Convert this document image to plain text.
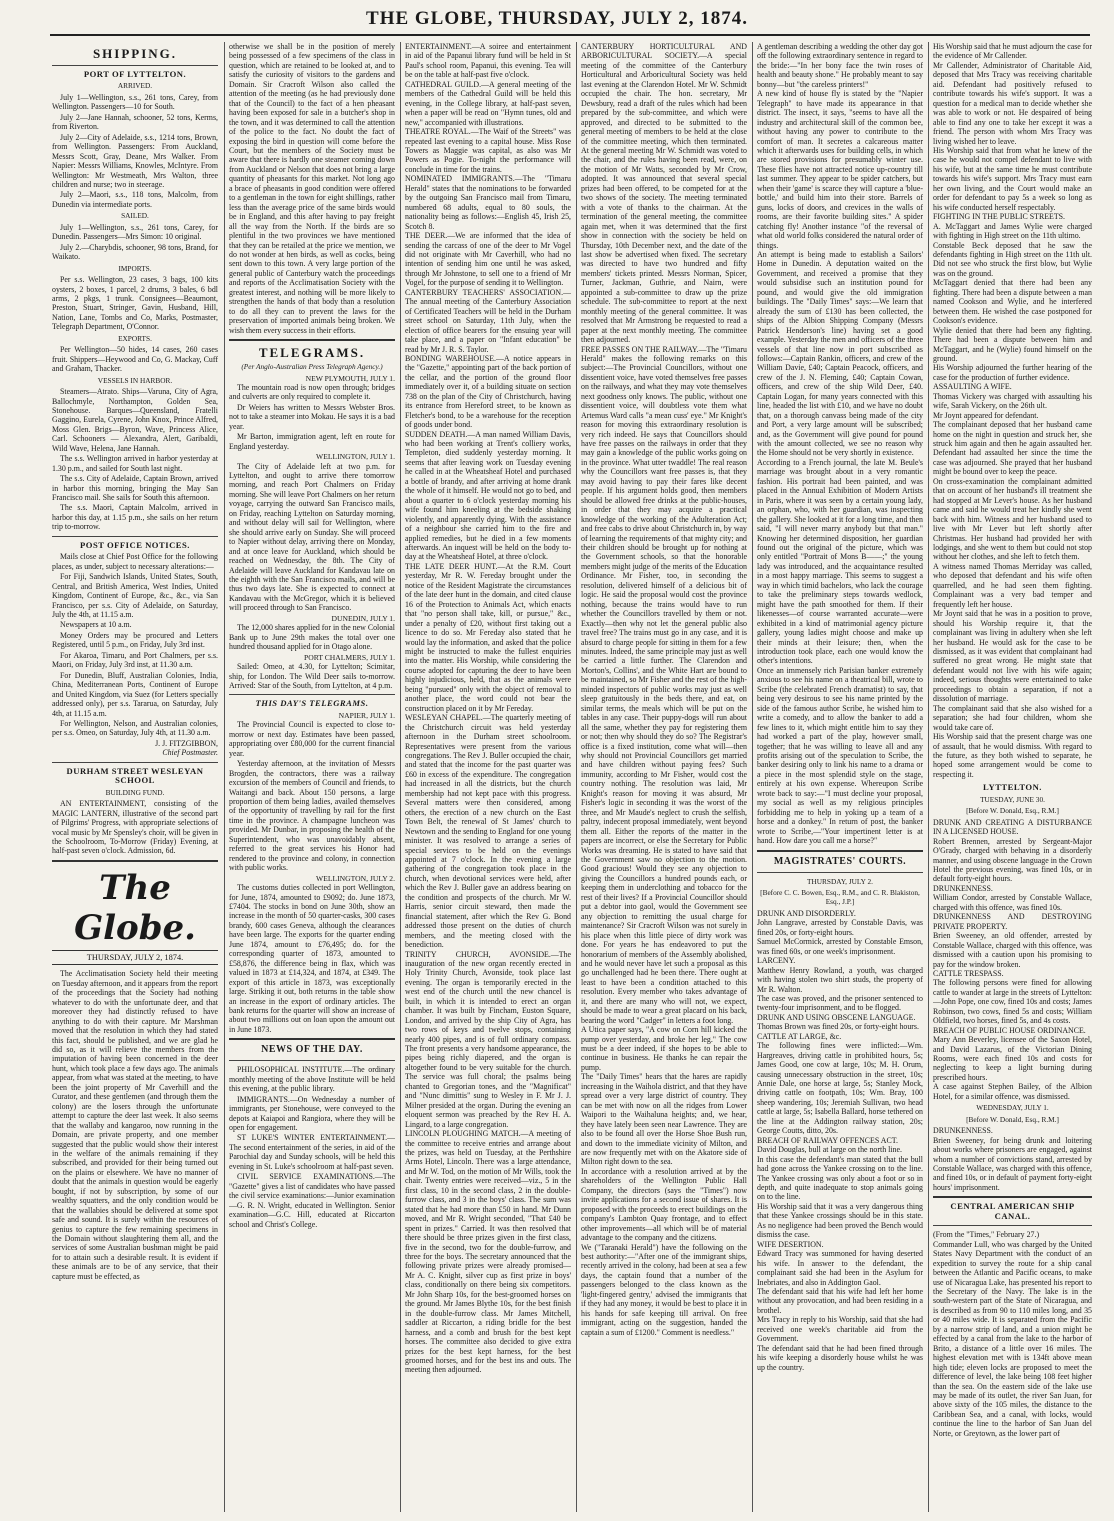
THE GLOBE, THURSDAY, JULY 2, 1874.
SHIPPING.
PORT OF LYTTELTON.
ARRIVED.

July 1—Wellington, s.s., 261 tons, Carey, from Wellington. Passengers—10 for South.

July 2—Jane Hannah, schooner, 52 tons, Kerms, from Riverton.

July 2—City of Adelaide, s.s., 1214 tons, Brown, from Wellington. Passengers: From Auckland, Messrs Scott, Gray, Deane, Mrs Walker. From Napier: Messrs Williams, Knowles, McIntyre. From Wellington: Mr Westmeath, Mrs Walton, three children and nurse; two in steerage.

July 2—Maori, s.s., 118 tons, Malcolm, from Dunedin via intermediate ports.

SAILED.

July 1—Wellington, s.s., 261 tons, Carey, for Dunedin. Passengers—Mrs Simon: 10 original.

July 2.—Charybdis, schooner, 98 tons, Brand, for Waikato.

IMPORTS.

Per s.s. Wellington, 23 cases, 3 bags, 100 kits oysters, 2 boxes, 1 parcel, 2 drums, 3 bales, 6 bdl arms, 2 pkgs, 1 trunk. Consignees—Beaumont, Preston, Stuart, Stringer, Gavin, Husband, Hill, Nation, Lane, Tombs and Co, Marks, Postmaster, Telegraph Department, O'Connor.

EXPORTS.

Per Wellington—50 hides, 14 cases, 260 cases fruit. Shippers—Heywood and Co, G. Mackay, Cuff and Graham, Thacker.

VESSELS IN HARBOR.

Steamers—Atrato. Ships—Varuna, City of Agra, Ballochmyle, Northampton, Golden Sea, Stonehouse. Barques—Queensland, Fratelli Gaggino, Eurela, Cyrene, John Knox, Prince Alfred, Moss Glen. Brigs—Byron, Wave, Princess Alice, Carl. Schooners — Alexandra, Alert, Garibaldi, Wild Wave, Helena, Jane Hannah.

The s.s. Wellington arrived in harbor yesterday at 1.30 p.m., and sailed for South last night.

The s.s. City of Adelaide, Captain Brown, arrived in harbor this morning, bringing the May San Francisco mail. She sails for South this afternoon.

The s.s. Maori, Captain Malcolm, arrived in harbor this day, at 1.15 p.m., she sails on her return trip to-morrow.

POST OFFICE NOTICES.

Mails close at Chief Post Office for the following places, as under, subject to necessary alterations:—

For Fiji, Sandwich Islands, United States, South, Central, and British America, West Indies, United Kingdom, Continent of Europe, &c., &c., via San Francisco, per s.s. City of Adelaide, on Saturday, July the 4th, at 11.15 a.m.

Newspapers at 10 a.m.

Money Orders may be procured and Letters Registered, until 5 p.m., on Friday, July 3rd inst.

For Akaroa, Timaru, and Port Chalmers, per s.s. Maori, on Friday, July 3rd inst, at 11.30 a.m.

For Dunedin, Bluff, Australian Colonies, India, China, Mediterranean Ports, Continent of Europe and United Kingdom, via Suez (for Letters specially addressed only), per s.s. Tararua, on Saturday, July 4th, at 11.15 a.m.

For Wellington, Nelson, and Australian colonies, per s.s. Omeo, on Saturday, July 4th, at 11.30 a.m.

J. J. FITZGIBBON,
Chief Postmaster.
DURHAM STREET WESLEYAN SCHOOL
BUILDING FUND.

AN ENTERTAINMENT, consisting of the MAGIC LANTERN, illustrative of the second part of Pilgrims' Progress, with appropriate selections of vocal music by Mr Spensley's choir, will be given in the Schoolroom, To-Morrow (Friday) Evening, at half-past seven o'clock. Admission, 6d.

The Globe.
THURSDAY, JULY 2, 1874.

The Acclimatisation Society held their meeting on Tuesday afternoon, and it appears from the report of the proceedings that the Society had nothing whatever to do with the unfortunate deer, and that moreover they had distinctly refused to have anything to do with their capture. Mr Marshman moved that the resolution in which they had stated this fact, should be published, and we are glad he did so, as it will relieve the members from the imputation of having been concerned in the deer hunt, which took place a few days ago. The animals appear, from what was stated at the meeting, to have been the joint property of Mr Caverhill and the Curator, and these gentlemen (and through them the colony) are the losers through the unfortunate attempt to capture the deer last week. It also seems that the wallaby and kangaroo, now running in the Domain, are private property, and one member suggested that the public would show their interest in the welfare of the animals remaining if they subscribed, and provided for their being turned out on the plains or elsewhere. We have no manner of doubt that the animals in question would be eagerly bought, if not by subscription, by some of our wealthy squatters, and the only condition would be that the wallabies should be delivered at some spot safe and sound. It is surely within the resources of genius to capture the few remaining specimens in the Domain without slaughtering them all, and the services of some Australian bushman might be paid for to attain such a desirable result. It is evident if these animals are to be of any service, that their capture must be effected, as

otherwise we shall be in the position of merely being possessed of a few specimens of the class in question, which are retained to be looked at, and to satisfy the curiosity of visitors to the gardens and Domain. Sir Cracroft Wilson also called the attention of the meeting (as he had previously done that of the Council) to the fact of a hen pheasant having been exposed for sale in a butcher's shop in the town, and it was determined to call the attention of the police to the fact. No doubt the fact of exposing the bird in question will come before the Court, but the members of the Society must be aware that there is hardly one steamer coming down from Auckland or Nelson that does not bring a large quantity of pheasants for this market. Not long ago a brace of pheasants in good condition were offered to a gentleman in the town for eight shillings, rather less than the average price of the same birds would be in England, and this after having to pay freight all the way from the North. If the birds are so plentiful in the two provinces we have mentioned that they can be retailed at the price we mention, we do not wonder at hen birds, as well as cocks, being sent down to this town. A very large portion of the general public of Canterbury watch the proceedings and reports of the Acclimatisation Society with the greatest interest, and nothing will be more likely to strengthen the hands of that body than a resolution to do all they can to prevent the laws for the preservation of imported animals being broken. We wish them every success in their efforts.

TELEGRAMS.
(Per Anglo-Australian Press Telegraph Agency.)
NEW PLYMOUTH, JULY 1.

The mountain road is now open through; bridges and culverts are only required to complete it.

Dr Weiers has written to Messrs Webster Bros. not to take a steamer into Mokau. He says it is a bad year.

Mr Barton, immigration agent, left en route for England yesterday.

WELLINGTON, JULY 1.

The City of Adelaide left at two p.m. for Lyttelton, and ought to arrive there tomorrow morning, and reach Port Chalmers on Friday morning. She will leave Port Chalmers on her return voyage, carrying the outward San Francisco mails, on Friday, reaching Lyttelton on Saturday morning, and without delay will sail for Wellington, where she should arrive early on Sunday. She will proceed to Napier without delay, arriving there on Monday, and at once leave for Auckland, which should be reached on Wednesday, the 8th. The City of Adelaide will leave Auckland for Kandavau late on the eighth with the San Francisco mails, and will be thus two days late. She is expected to connect at Kandavau with the McGregor, which it is believed will proceed through to San Francisco.

DUNEDIN, JULY 1.

The 12,000 shares applied for in the new Colonial Bank up to June 29th makes the total over one hundred thousand applied for in Otago alone.

PORT CHALMERS, JULY 1.

Sailed: Omeo, at 4.30, for Lyttelton; Scimitar, ship, for London. The Wild Deer sails to-morrow. Arrived: Star of the South, from Lyttelton, at 4 p.m.

THIS DAY'S TELEGRAMS.
NAPIER, JULY 1.

The Provincial Council is expected to close to-morrow or next day. Estimates have been passed, appropriating over £80,000 for the current financial year.

Yesterday afternoon, at the invitation of Messrs Brogden, the contractors, there was a railway excursion of the members of Council and friends, to Waitangi and back. About 150 persons, a large proportion of them being ladies, availed themselves of the opportunity of travelling by rail for the first time in the province. A champagne luncheon was provided. Mr Dunbar, in proposing the health of the Superintendent, who was unavoidably absent, referred to the great services his Honor had rendered to the province and colony, in connection with public works.

WELLINGTON, JULY 2.

The customs duties collected in port Wellington, for June, 1874, amounted to £9092; do. June 1873, £7404. The stocks in bond on June 30th, show an increase in the month of 50 quarter-casks, 300 cases brandy, 600 cases Geneva, although the clearances have been large. The exports for the quarter ending June 1874, amount to £76,495; do. for the corresponding quarter of 1873, amounted to £58,876, the difference being in flax, which was valued in 1873 at £14,324, and 1874, at £349. The export of this article in 1873, was exceptionally large. Striking it out, both returns in the table show an increase in the export of ordinary articles. The bank returns for the quarter will show an increase of about two millions out on loan upon the amount out in June 1873.

NEWS OF THE DAY.

PHILOSOPHICAL INSTITUTE.—The ordinary monthly meeting of the above Institute will be held this evening, at the public library.

IMMIGRANTS.—On Wednesday a number of immigrants, per Stonehouse, were conveyed to the depots at Kaiapoi and Rangiora, where they will be open for engagement.

ST LUKE'S WINTER ENTERTAINMENT.—The second entertainment of the series, in aid of the Parochial day and Sunday schools, will be held this evening in St. Luke's schoolroom at half-past seven.

CIVIL SERVICE EXAMINATIONS.—The "Gazette" gives a list of candidates who have passed the civil service examinations:—Junior examination—G. R. N. Wright, educated in Wellington. Senior examination—G.C. Hill, educated at Riccarton school and Christ's College.

ENTERTAINMENT.—A soiree and entertainment in aid of the Papanui library fund will be held in St Paul's school room, Papanui, this evening. Tea will be on the table at half-past five o'clock.
CATHEDRAL GUILD.—A general meeting of the members of the Cathedral Guild will be held this evening, in the College library, at half-past seven, when a paper will be read on "Hymn tunes, old and new," accompanied with illustrations.
THEATRE ROYAL.—The Waif of the Streets" was repeated last evening to a capital house. Miss Rose Towers as Maggie was capital, as also was Mr Powers as Pogie. To-night the performance will conclude in time for the trains.
NOMINATED IMMIGRANTS.—The "Timaru Herald" states that the nominations to be forwarded by the outgoing San Francisco mail from Timaru, numbered 68 adults, equal to 80 souls, the nationality being as follows:—English 45, Irish 25, Scotch 8.
THE DEER.—We are informed that the idea of sending the carcass of one of the deer to Mr Vogel did not originate with Mr Caverhill, who had no intention of sending him one until he was asked, through Mr Johnstone, to sell one to a friend of Mr Vogel, for the purpose of sending it to Wellington.
CANTERBURY TEACHERS' ASSOCIATION.—The annual meeting of the Canterbury Association of Certificated Teachers will be held in the Durham street school on Saturday, 11th July, when the election of office bearers for the ensuing year will take place, and a paper on "Infant education" be read by Mr J. R. S. Taylor.
BONDING WAREHOUSE.—A notice appears in the "Gazette," appointing part of the back portion of the cellar, and the portion of the ground floor immediately over it, of a building situate on section 738 on the plan of the City of Christchurch, having its entrance from Hereford street, to be known as Fletcher's bond, to be a warehouse for the reception of goods under bond.
SUDDEN DEATH.—A man named William Davis, who had been working at Trent's colliery works, Templeton, died suddenly yesterday morning. It seems that after leaving work on Tuesday evening he called in at the Wheatsheaf Hotel and purchased a bottle of brandy, and after arriving at home drank the whole of it himself. He would not go to bed, and about a quarter to 6 o'clock yesterday morning his wife found him kneeling at the bedside shaking violently, and apparently dying. With the assistance of a neighbour she carried him to the fire and applied remedies, but he died in a few moments afterwards. An inquest will be held on the body to-day at the Wheatsheaf Hotel, at three o'clock.
THE LATE DEER HUNT.—At the R.M. Court yesterday, Mr R. W. Fereday brought under the notice of the Resident Magistrate the circumstances of the late deer hunt in the domain, and cited clause 16 of the Protection to Animals Act, which enacts that "no person shall take, kill, or pursue," &c., under a penalty of £20, without first taking out a licence to do so. Mr Fereday also stated that he would lay the information, and asked that the police might be instructed to make the fullest enquiries into the matter. His Worship, while considering the course adopted for capturing the deer to have been highly injudicious, held, that as the animals were being "pursued" only with the object of removal to another place, the word could not bear the construction placed on it by Mr Fereday.
WESLEYAN CHAPEL.—The quarterly meeting of the Christchurch circuit was held yesterday afternoon in the Durham street schoolroom. Representatives were present from the various congregations. The Rev J. Buller occupied the chair, and stated that the income for the past quarter was £60 in excess of the expenditure. The congregation had increased in all the districts, but the church membership had not kept pace with this progress. Several matters were then considered, among others, the erection of a new church on the East Town Belt, the renewal of St James' church to Newtown and the sending to England for one young minister. It was resolved to arrange a series of special services to be held on the evenings appointed at 7 o'clock. In the evening a large gathering of the congregation took place in the church, when devotional services were held, after which the Rev J. Buller gave an address bearing on the condition and prospects of the church. Mr W. Harris, senior circuit steward, then made the financial statement, after which the Rev G. Bond addressed those present on the duties of church members, and the meeting closed with the benediction.
TRINITY CHURCH, AVONSIDE.—The inauguration of the new organ recently erected in Holy Trinity Church, Avonside, took place last evening. The organ is temporarily erected in the west end of the church until the new chancel is built, in which it is intended to erect an organ chamber. It was built by Fincham, Euston Square, London, and arrived by the ship City of Agra, has two rows of keys and twelve stops, containing nearly 400 pipes, and is of full ordinary compass. The front presents a very handsome appearance, the pipes being richly diapered, and the organ is altogether found to be very suitable for the church. The service was full choral; the psalms being chanted to Gregorian tones, and the "Magnificat" and "Nunc dimittis" sung to Wesley in F. Mr J. J. Milner presided at the organ. During the evening an eloquent sermon was preached by the Rev H. A. Lingard, to a large congregation.
LINCOLN PLOUGHING MATCH.—A meeting of the committee to receive entries and arrange about the prizes, was held on Tuesday, at the Perthshire Arms Hotel, Lincoln. There was a large attendance, and Mr W. Tod, on the motion of Mr Wills, took the chair. Twenty entries were received—viz., 5 in the first class, 10 in the second class, 2 in the double-furrow class, and 3 in the boys' class. The sum was stated that he had more than £50 in hand. Mr Dunn moved, and Mr R. Wright seconded, "That £40 be spent in prizes." Carried. It was then resolved that there should be three prizes given in the first class, five in the second, two for the double-furrow, and three for the boys. The secretary announced that the following private prizes were already promised—Mr A. C. Knight, silver cup as first prize in boys' class, conditionally on there being six competitors. Mr John Sharp 10s, for the best-groomed horses on the ground. Mr James Blythe 10s, for the best finish in the double-furrow class. Mr James Mitchell, saddler at Riccarton, a riding bridle for the best harness, and a comb and brush for the best kept horses. The committee also decided to give extra prizes for the best kept harness, for the best groomed horses, and for the best ins and outs. The meeting then adjourned.
CANTERBURY HORTICULTURAL AND ARBORICULTURAL SOCIETY.—A special meeting of the committee of the Canterbury Horticultural and Arboricultural Society was held last evening at the Clarendon Hotel. Mr W. Schmidt occupied the chair. The hon. secretary, Mr Dewsbury, read a draft of the rules which had been prepared by the sub-committee, and which were approved, and directed to be submitted to the general meeting of members to be held at the close of the committee meeting, which then terminated. At the general meeting Mr W. Schmidt was voted to the chair, and the rules having been read, were, on the motion of Mr Watts, seconded by Mr Crow, adopted. It was announced that several special prizes had been offered, to be competed for at the two shows of the society. The meeting terminated with a vote of thanks to the chairman. At the termination of the general meeting, the committee again met, when it was determined that the first show in connection with the society be held on Thursday, 10th December next, and the date of the last show be advertised when fixed. The secretary was directed to have two hundred and fifty members' tickets printed. Messrs Norman, Spicer, Turner, Jackman, Guthrie, and Nairn, were appointed a sub-committee to draw up the prize schedule. The sub-committee to report at the next monthly meeting of the general committee. It was resolved that Mr Armstrong be requested to read a paper at the next monthly meeting. The committee then adjourned.
FREE PASSES ON THE RAILWAY.—The "Timaru Herald" makes the following remarks on this subject:—The Provincial Councillors, without one dissentient voice, have voted themselves free passes on the railways, and what they may vote themselves next goodness only knows. The public, without one dissentient voice, will doubtless vote them what Artemus Ward calls "a mean cuss' eye." Mr Knight's reason for moving this extraordinary resolution is very rich indeed. He says that Councillors should have free passes on the railways in order that they may gain a knowledge of the public works going on in the province. What utter twaddle! The real reason why the Councillors want free passes is, that they may avoid having to pay their fares like decent people. If his argument holds good, then members should be allowed free drinks at the public-houses, in order that they may acquire a practical knowledge of the working of the Adulteration Act; and free cabs to drive about Christchurch in, by way of learning the requirements of that mighty city; and their children should be brought up for nothing at the Government schools, so that the honorable members might judge of the merits of the Education Ordinance. Mr Fisher, too, in seconding the resolution, delivered himself of a delicious bit of logic. He said the proposal would cost the province nothing, because the trains would have to run whether the Councillors travelled by them or not. Exactly—then why not let the general public also travel free? The trains must go in any case, and it is absurd to charge people for sitting in them for a few minutes. Indeed, the same principle may just as well be carried a little further. The Clarendon and Morton's, Collins', and the White Hart are bound to be maintained, so Mr Fisher and the rest of the high-minded inspectors of public works may just as well sleep gratuitously in the beds there, and eat, on similar terms, the meals which will be put on the tables in any case. Their puppy-dogs will run about all the same, whether they pay for registering them or not; then why should they do so? The Registrar's office is a fixed institution, come what will—then why should not Provincial Councillors get married and have children without paying fees? Such immunity, according to Mr Fisher, would cost the country nothing. The resolution was laid, Mr Knight's reason for moving it was absurd, Mr Fisher's logic in seconding it was the worst of the three, and Mr Maude's neglect to crush the selfish, paltry, indecent proposal immediately, went beyond them all. Either the reports of the matter in the papers are incorrect, or else the Secretary for Public Works was dreaming. He is stated to have said that the Government saw no objection to the motion. Good gracious! Would they see any objection to giving the Councillors a hundred pounds each, or keeping them in underclothing and tobacco for the rest of their lives? If a Provincial Councillor should put a debtor into gaol, would the Government see any objection to remitting the usual charge for maintenance? Sir Cracroft Wilson was not surely in his place when this little piece of dirty work was done. For years he has endeavored to put the honorarium of members of the Assembly abolished, and he would never have let such a proposal as this go unchallenged had he been there. There ought at least to have been a condition attached to this resolution. Every member who takes advantage of it, and there are many who will not, we expect, should be made to wear a great placard on his back, bearing the word "Cadger" in letters a foot long.
A Utica paper says, "A cow on Corn hill kicked the pump over yesterday, and broke her leg." The cow must be a deer indeed, if she hopes to be able to continue in business. He thanks he can repair the pump.
The "Daily Times" hears that the hares are rapidly increasing in the Waihola district, and that they have spread over a very large district of country. They can be met with now on all the ridges from Lower Waipori to the Waihaluna heights; and, we hear, they have lately been seen near Lawrence. They are also to be found all over the Horse Shoe Bush run, and down to the immediate vicinity of Milton, and are now frequently met with on the Akatore side of Milton right down to the sea.
In accordance with a resolution arrived at by the shareholders of the Wellington Public Hall Company, the directors (says the "Times") now invite applications for a second issue of shares. It is proposed with the proceeds to erect buildings on the company's Lambton Quay frontage, and to effect other improvements—all which will be of material advantage to the company and the citizens.
We ("Taranaki Herald") have the following on the best authority:—"After one of the immigrant ships, recently arrived in the colony, had been at sea a few days, the captain found that a number of the passengers belonged to the class known as the 'light-fingered gentry,' advised the immigrants that if they had any money, it would be best to place it in his hands for safe keeping till arrival. On free immigrant, acting on the suggestion, handed the captain a sum of £1200." Comment is needless."
A gentleman describing a wedding the other day got off the following extraordinary sentence in regard to the bride:—"In her bony face the twin roses of health and beauty shone." He probably meant to say bonny—but "the careless printers!"
A new kind of house fly is stated by the "Napier Telegraph" to have made its appearance in that district. The insect, it says, "seems to have all the industry and architectural skill of the common bee, without having any power to contribute to the comfort of man. It secretes a calcareous matter which it afterwards uses for building cells, in which are stored provisions for presumably winter use. These flies have not attracted notice up-country till last summer. They appear to be spider catchers, but when their 'game' is scarce they will capture a 'blue-bottle,' and build him into their store. Barrels of guns, locks of doors, and crevices in the walls of rooms, are their favorite building sites." A spider catching fly! Another instance "of the reversal of what old world folks considered the natural order of things.
An attempt is being made to establish a Sailors' Home in Dunedin. A deputation waited on the Government, and received a promise that they would subsidise such an institution pound for pound, and would give the old immigration buildings. The "Daily Times" says:—We learn that already the sum of £130 has been collected, the ships of the Albion Shipping Company (Messrs Patrick Henderson's line) having set a good example. Yesterday the men and officers of the three vessels of that line now in port subscribed as follows:—Captain Rankin, officers, and crew of the William Davie, £40; Captain Peacock, officers, and crew of the J. N. Fleming, £40; Captain Cowan, officers, and crew of the ship Wild Deer, £40. Captain Logan, for many years connected with this line, headed the list with £10, and we have no doubt that, on a thorough canvass being made of the city and Port, a very large amount will be subscribed; and, as the Government will give pound for pound with the amount collected, we see no reason why the Home should not be very shortly in existence.
According to a French journal, the late M. Beule's marriage was brought about in a very romantic fashion. His portrait had been painted, and was placed in the Annual Exhibition of Modern Artists in Paris, where it was seen by a certain young lady, an orphan, who, with her guardian, was inspecting the gallery. She looked at it for a long time, and then said, "I will never marry anybody but that man." Knowing her determined disposition, her guardian found out the original of the picture, which was only entitled "Portrait of Mons B——;" the young lady was introduced, and the acquaintance resulted in a most happy marriage. This seems to suggest a way in which timid bachelors, who lack the courage to take the preliminary steps towards wedlock, might have the path smoothed for them. If their likenesses—of course warranted accurate—were exhibited in a kind of matrimonial agency picture gallery, young ladies might choose and make up their minds at their leisure; then, when the introduction took place, each one would know the other's intentions.
Once an immensely rich Parisian banker extremely anxious to see his name on a theatrical bill, wrote to Scribe (the celebrated French dramatist) to say, that being very desirous to see his name printed by the side of the famous author Scribe, he wished him to write a comedy, and to allow the banker to add a few lines to it, which might entitle him to say they had worked a part of the play, however small, together; that he was willing to leave all and any profits arising out of the speculation to Scribe, the banker desiring only to link his name to a drama or a piece in the most splendid style on the stage, entirely at his own expense. Whereupon Scribe wrote back to say:—"I must decline your proposal, my social as well as my religious principles forbidding me to help in yoking up a team of a horse and a donkey." In return of post, the banker wrote to Scribe,—"Your impertinent letter is at hand. How dare you call me a horse?"
MAGISTRATES' COURTS.
THURSDAY, JULY 2.
[Before C. C. Bowen, Esq., R.M., and C. R. Blakiston, Esq., J.P.]
DRUNK AND DISORDERLY.
John Langrave, arrested by Constable Davis, was fined 20s, or forty-eight hours.
Samuel McCormick, arrested by Constable Emson, was fined 60s, or one week's imprisonment.
LARCENY.
Matthew Henry Rowland, a youth, was charged with having stolen two shirt studs, the property of Mr R. Walton.
The case was proved, and the prisoner sentenced to twenty-four imprisonment, and to be flogged.
DRUNK AND USING OBSCENE LANGUAGE.
Thomas Brown was fined 20s, or forty-eight hours.
CATTLE AT LARGE, &c.
The following fines were inflicted:—Wm. Hargreaves, driving cattle in prohibited hours, 5s; James Good, one cow at large, 10s; M. H. Orum, causing unnecessary obstruction in the street, 10s; Annie Dale, one horse at large, 5s; Stanley Mock, driving cattle on footpath, 10s; Wm. Bray, 100 sheep wandering, 10s; Jeremiah Sullivan, two head cattle at large, 5s; Isabella Ballard, horse tethered on the line at the Addington railway station, 20s; George Coutts, ditto, 20s.
BREACH OF RAILWAY OFFENCES ACT.
David Douglas, bull at large on the north line.
In this case the defendant's man stated that the bull had gone across the Yankee crossing on to the line. The Yankee crossing was only about a foot or so in depth, and quite inadequate to stop animals going on to the line.
His Worship said that it was a very dangerous thing that these Yankee crossings should be in this state. As no negligence had been proved the Bench would dismiss the case.
WIFE DESERTION.
Edward Tracy was summoned for having deserted his wife. In answer to the defendant, the complainant said she had been in the Asylum for Inebriates, and also in Addington Gaol.
The defendant said that his wife had left her home without any provocation, and had been residing in a brothel.
Mrs Tracy in reply to his Worship, said that she had received one week's charitable aid from the Government.
The defendant said that he had been fined through his wife keeping a disorderly house whilst he was up the country.
His Worship said that he must adjourn the case for the evidence of Mr Callender.
Mr Callender, Administrator of Charitable Aid, deposed that Mrs Tracy was receiving charitable aid. Defendant had positively refused to contribute towards his wife's support. It was a question for a medical man to decide whether she was able to work or not. He despaired of being able to find any one to take her except it was a friend. The person with whom Mrs Tracy was living wished her to leave.
His Worship said that from what he knew of the case he would not compel defendant to live with his wife, but at the same time he must contribute towards his wife's support. Mrs Tracy must earn her own living, and the Court would make an order for defendant to pay 5s a week so long as his wife conducted herself respectably.
FIGHTING IN THE PUBLIC STREETS.
A. McTaggart and James Wylie were charged with fighting in High street on the 11th ultimo.
Constable Beck deposed that he saw the defendants fighting in High street on the 11th ult. Did not see who struck the first blow, but Wylie was on the ground.
McTaggart denied that there had been any fighting. There had been a dispute between a man named Cookson and Wylie, and he interfered between them. He wished the case postponed for Cookson's evidence.
Wylie denied that there had been any fighting. There had been a dispute between him and McTaggart, and he (Wylie) found himself on the ground.
His Worship adjourned the further hearing of the case for the production of further evidence.
ASSAULTING A WIFE.
Thomas Vickery was charged with assaulting his wife, Sarah Vickery, on the 26th ult.
Mr Joynt appeared for defendant.
The complainant deposed that her husband came home on the night in question and struck her, she struck him again and then he again assaulted her. Defendant had assaulted her since the time the case was adjourned. She prayed that her husband might be bound over to keep the peace.
On cross-examination the complainant admitted that on account of her husband's ill treatment she had stopped at Mr Lever's house. As her husband came and said he would treat her kindly she went back with him. Witness and her husband used to live with Mr Lever but left shortly after Christmas. Her husband had provided her with lodgings, and she went to them but could not stop without her clothes, and she left to fetch them.
A witness named Thomas Merriday was called, who deposed that defendant and his wife often quarrelled, and he had seen them fighting. Complainant was a very bad temper and frequently left her house.
Mr Joynt said that he was in a position to prove, should his Worship require it, that the complainant was living in adultery when she left her husband. He would ask for the case to be dismissed, as it was evident that complainant had suffered no great wrong. He might state that defendant would not live with his wife again; indeed, serious thoughts were entertained to take proceedings to obtain a separation, if not a dissolution of marriage.
The complainant said that she also wished for a separation; she had four children, whom she would take care of.
His Worship said that the present charge was one of assault, that he would dismiss. With regard to the future, as they both wished to separate, he hoped some arrangement would be come to respecting it.
LYTTELTON.
TUESDAY, JUNE 30.
[Before W. Donald, Esq., R.M.]
DRUNK AND CREATING A DISTURBANCE IN A LICENSED HOUSE.
Robert Brennen, arrested by Sergeant-Major O'Grady, charged with behaving in a disorderly manner, and using obscene language in the Crown Hotel the previous evening, was fined 10s, or in default forty-eight hours.
DRUNKENNESS.
William Condor, arrested by Constable Wallace, charged with this offence, was fined 10s.
DRUNKENNESS AND DESTROYING PRIVATE PROPERTY.
Brien Sweeney, an old offender, arrested by Constable Wallace, charged with this offence, was dismissed with a caution upon his promising to pay for the window broken.
CATTLE TRESPASS.
The following persons were fined for allowing cattle to wander at large in the streets of Lyttelton:—John Pope, one cow, fined 10s and costs; James Robinson, two cows, fined 5s and costs; William Oldfield, two horses, fined 5s, and 4s costs.
BREACH OF PUBLIC HOUSE ORDINANCE.
Mary Ann Beverley, licensee of the Saxon Hotel, and David Lazarus, of the Victorian Dining Rooms, were each fined 10s and costs for neglecting to keep a light burning during prescribed hours.
A case against Stephen Bailey, of the Albion Hotel, for a similar offence, was dismissed.
WEDNESDAY, JULY 1.
[Before W. Donald, Esq., R.M.]
DRUNKENNESS.
Brien Sweeney, for being drunk and loitering about works where prisoners are engaged, against whom a number of convictions stand, arrested by Constable Wallace, was charged with this offence, and fined 10s, or in default of payment forty-eight hours' imprisonment.
CENTRAL AMERICAN SHIP CANAL.
(From the "Times," February 27.)
Commander Lull, who was charged by the United States Navy Department with the conduct of an expedition to survey the route for a ship canal between the Atlantic and Pacific oceans, to make use of Nicaragua Lake, has presented his report to the Secretary of the Navy. The lake is in the south-western part of the State of Nicaragua, and is described as from 90 to 110 miles long, and 35 or 40 miles wide. It is separated from the Pacific by a narrow strip of land, and a union might be effected by a canal from the lake to the harbor of Brito, a distance of a little over 16 miles. The highest elevation met with is 134ft above mean high tide; eleven locks are proposed to meet the difference of level, the lake being 108 feet higher than the sea. On the eastern side of the lake use may be made of its outlet, the river San Juan, for above sixty of the 105 miles, the distance to the Caribbean Sea, and a canal, with locks, would continue the line to the harbor of San Juan del Norte, or Greytown, as the lower part of
